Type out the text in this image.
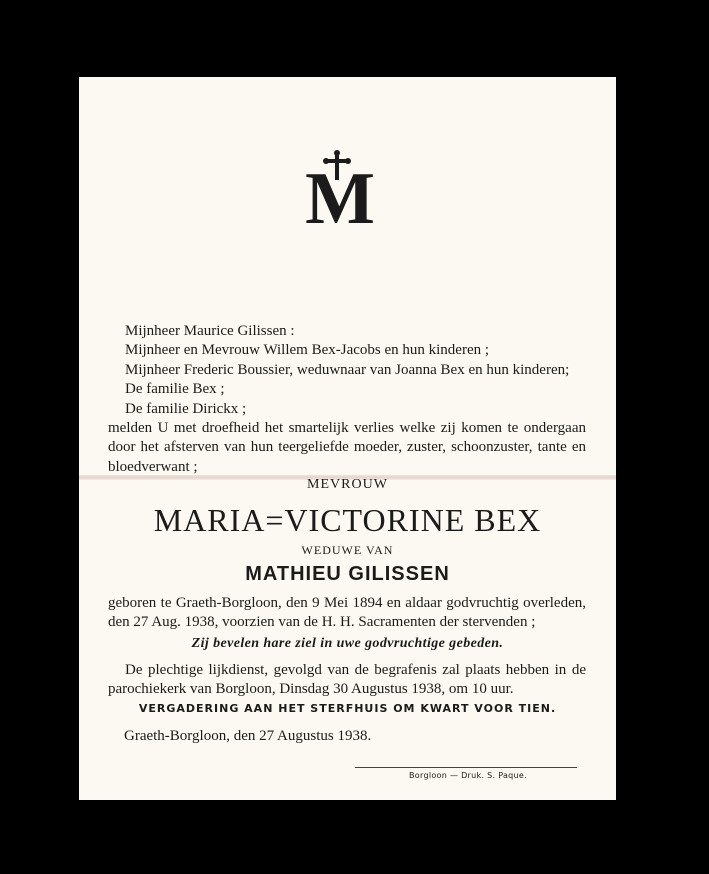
M
Mijnheer Maurice Gilissen :
Mijnheer en Mevrouw Willem Bex-Jacobs en hun kinderen ;
Mijnheer Frederic Boussier, weduwnaar van Joanna Bex en hun kinderen;
De familie Bex ;
De familie Dirickx ;
melden U met droefheid het smartelijk verlies welke zij komen te ondergaan door het afsterven van hun teergeliefde moeder, zuster, schoonzuster, tante en bloedverwant ;
MEVROUW
MARIA=VICTORINE BEX
WEDUWE VAN
MATHIEU GILISSEN
geboren te Graeth-Borgloon, den 9 Mei 1894 en aldaar godvruchtig overleden, den 27 Aug. 1938, voorzien van de H. H. Sacramenten der stervenden ;
Zij bevelen hare ziel in uwe godvruchtige gebeden.
De plechtige lijkdienst, gevolgd van de begrafenis zal plaats hebben in de parochiekerk van Borgloon, Dinsdag 30 Augustus 1938, om 10 uur.
VERGADERING AAN HET STERFHUIS OM KWART VOOR TIEN.
Graeth-Borgloon, den 27 Augustus 1938.
Borgloon — Druk. S. Paque.
